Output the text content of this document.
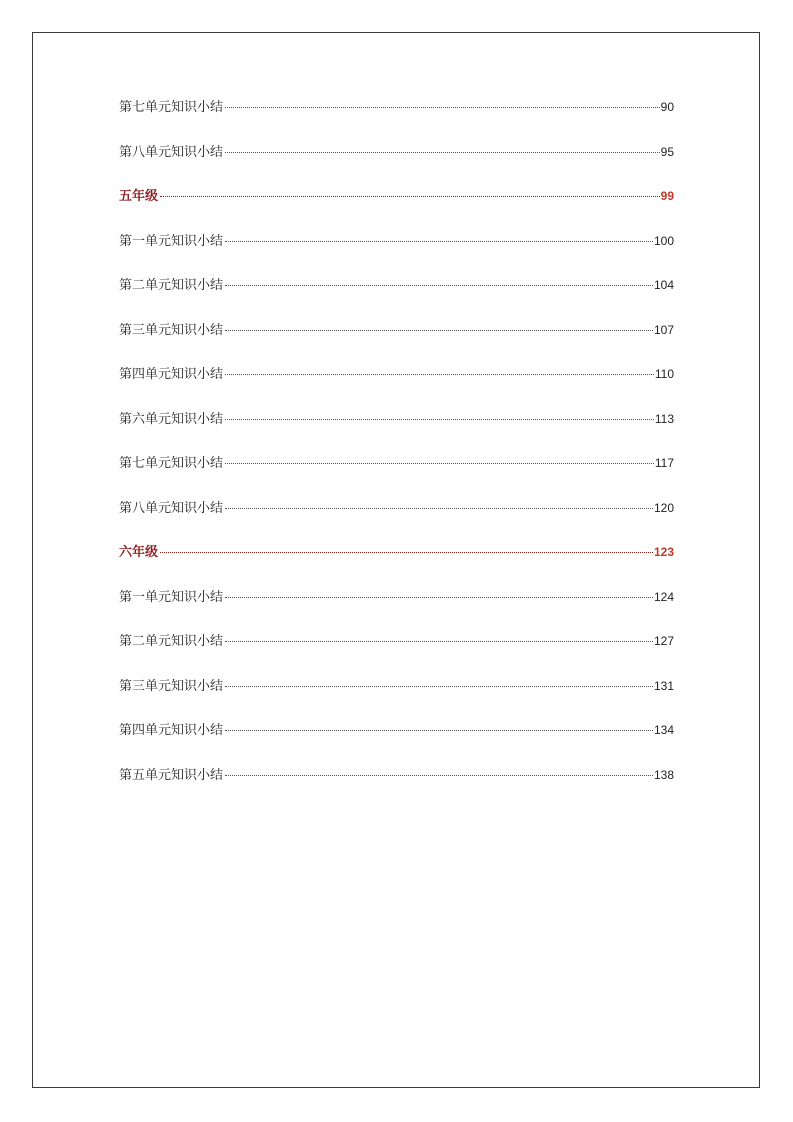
第七单元知识小结	90
第八单元知识小结	95
五年级	99
第一单元知识小结	100
第二单元知识小结	104
第三单元知识小结	107
第四单元知识小结	110
第六单元知识小结	113
第七单元知识小结	117
第八单元知识小结	120
六年级	123
第一单元知识小结	124
第二单元知识小结	127
第三单元知识小结	131
第四单元知识小结	134
第五单元知识小结	138
